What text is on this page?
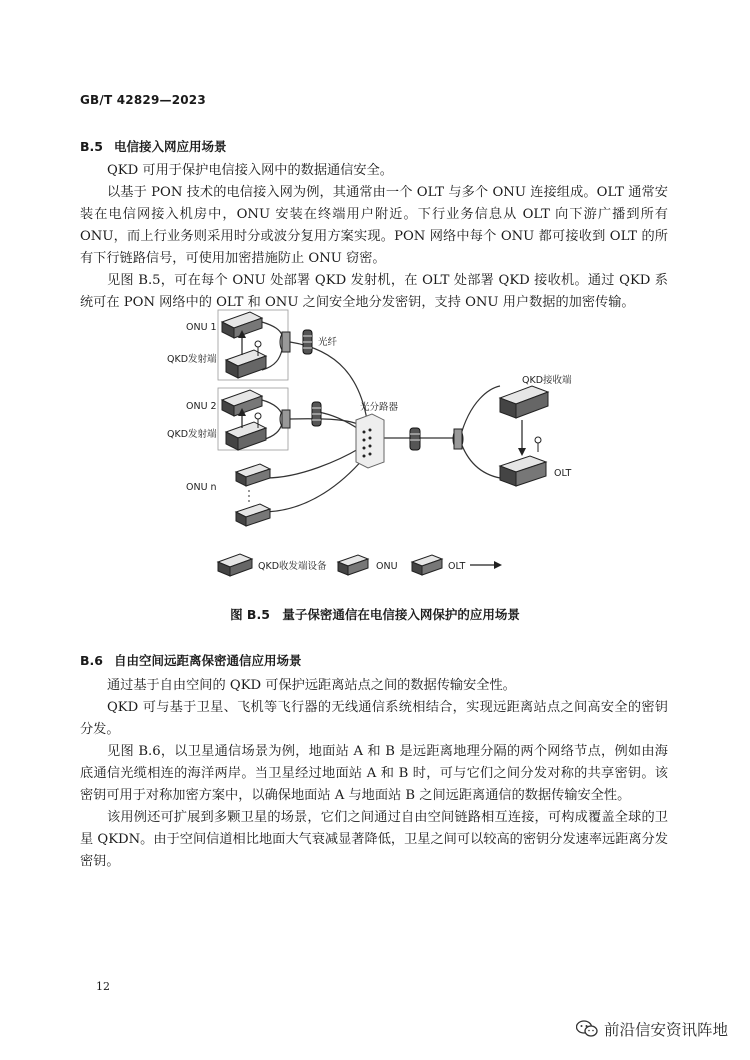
GB/T 42829—2023
B.5 电信接入网应用场景

QKD 可用于保护电信接入网中的数据通信安全。

以基于 PON 技术的电信接入网为例，其通常由一个 OLT 与多个 ONU 连接组成。OLT 通常安装在电信网接入机房中，ONU 安装在终端用户附近。下行业务信息从 OLT 向下游广播到所有 ONU，而上行业务则采用时分或波分复用方案实现。PON 网络中每个 ONU 都可接收到 OLT 的所有下行链路信号，可使用加密措施防止 ONU 窃密。

见图 B.5，可在每个 ONU 处部署 QKD 发射机，在 OLT 处部署 QKD 接收机。通过 QKD 系统可在 PON 网络中的 OLT 和 ONU 之间安全地分发密钥，支持 ONU 用户数据的加密传输。

ONU 1
QKD发射端
光纤
ONU 2
QKD发射端
光分路器
ONU n
QKD接收端
OLT
QKD收发端设备	ONU	OLT
图 B.5　量子保密通信在电信接入网保护的应用场景
B.6 自由空间远距离保密通信应用场景

通过基于自由空间的 QKD 可保护远距离站点之间的数据传输安全性。

QKD 可与基于卫星、飞机等飞行器的无线通信系统相结合，实现远距离站点之间高安全的密钥分发。

见图 B.6，以卫星通信场景为例，地面站 A 和 B 是远距离地理分隔的两个网络节点，例如由海底通信光缆相连的海洋两岸。当卫星经过地面站 A 和 B 时，可与它们之间分发对称的共享密钥。该密钥可用于对称加密方案中，以确保地面站 A 与地面站 B 之间远距离通信的数据传输安全性。

该用例还可扩展到多颗卫星的场景，它们之间通过自由空间链路相互连接，可构成覆盖全球的卫星 QKDN。由于空间信道相比地面大气衰减显著降低，卫星之间可以较高的密钥分发速率远距离分发密钥。

12
前沿信安资讯阵地
